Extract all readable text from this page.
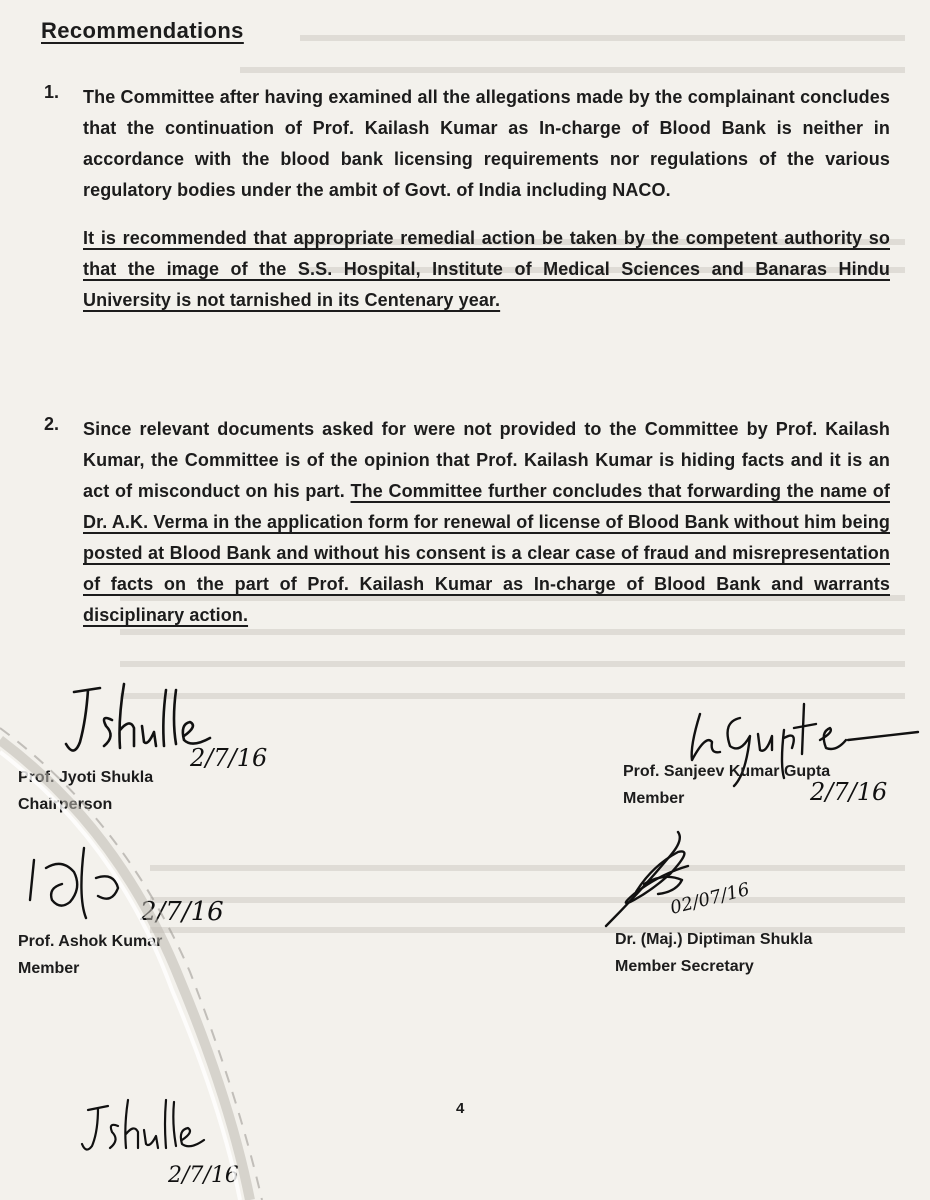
Recommendations
1. The Committee after having examined all the allegations made by the complainant concludes that the continuation of Prof. Kailash Kumar as In-charge of Blood Bank is neither in accordance with the blood bank licensing requirements nor regulations of the various regulatory bodies under the ambit of Govt. of India including NACO.

It is recommended that appropriate remedial action be taken by the competent authority so that the image of the S.S. Hospital, Institute of Medical Sciences and Banaras Hindu University is not tarnished in its Centenary year.

2. Since relevant documents asked for were not provided to the Committee by Prof. Kailash Kumar, the Committee is of the opinion that Prof. Kailash Kumar is hiding facts and it is an act of misconduct on his part. The Committee further concludes that forwarding the name of Dr. A.K. Verma in the application form for renewal of license of Blood Bank without him being posted at Blood Bank and without his consent is a clear case of fraud and misrepresentation of facts on the part of Prof. Kailash Kumar as In-charge of Blood Bank and warrants disciplinary action.

2/7/16
Prof. Jyoti Shukla
Chairperson	2/7/16
Prof. Sanjeev Kumar Gupta
Member
2/7/16
Prof. Ashok Kumar
Member
02/07/16
Dr. (Maj.) Diptiman Shukla
Member Secretary
4
2/7/16
